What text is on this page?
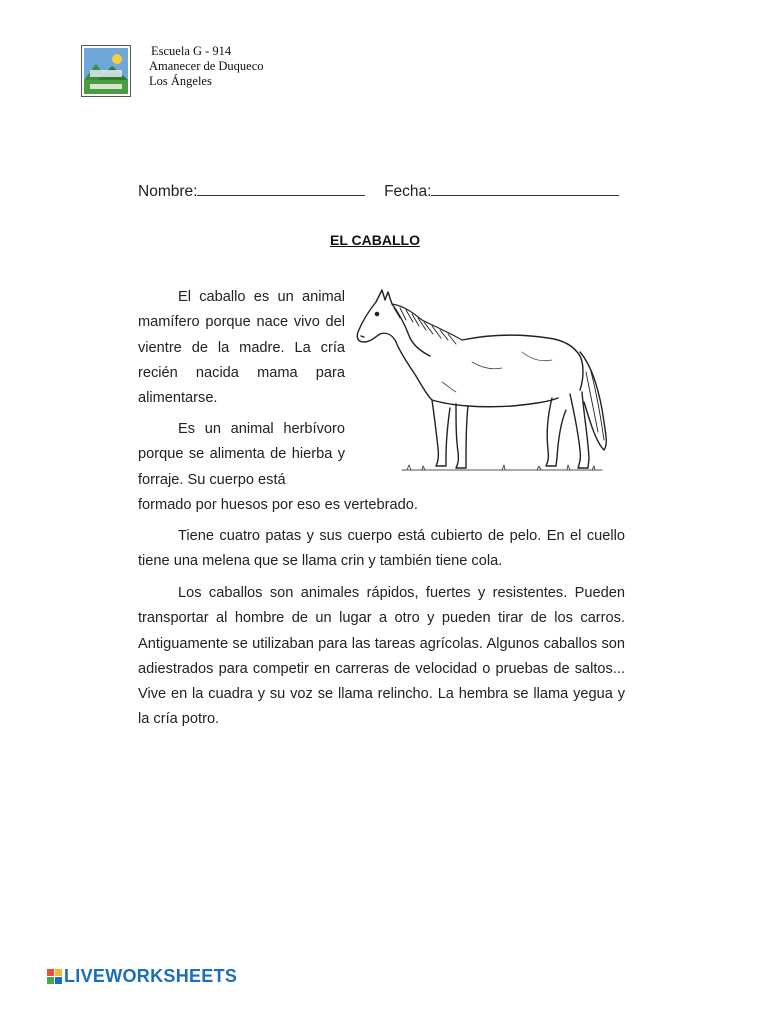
Escuela G - 914
Amanecer de Duqueco
Los Ángeles
Nombre:	Fecha:
EL CABALLO
El caballo es un animal mamífero porque nace vivo del vientre de la madre. La cría recién nacida mama para alimentarse.
Es un animal herbívoro porque se alimenta de hierba y forraje. Su cuerpo está
formado por huesos por eso es vertebrado.
Tiene cuatro patas y sus cuerpo está cubierto de pelo. En el cuello tiene una melena que se llama crin y también tiene cola.
Los caballos son animales rápidos, fuertes y resistentes. Pueden transportar al hombre de un lugar a otro y pueden tirar de los carros. Antiguamente se utilizaban para las tareas agrícolas. Algunos caballos son adiestrados para competir en carreras de velocidad o pruebas de saltos... Vive en la cuadra y su voz se llama relincho. La hembra se llama yegua y la cría potro.
LIVEWORKSHEETS
